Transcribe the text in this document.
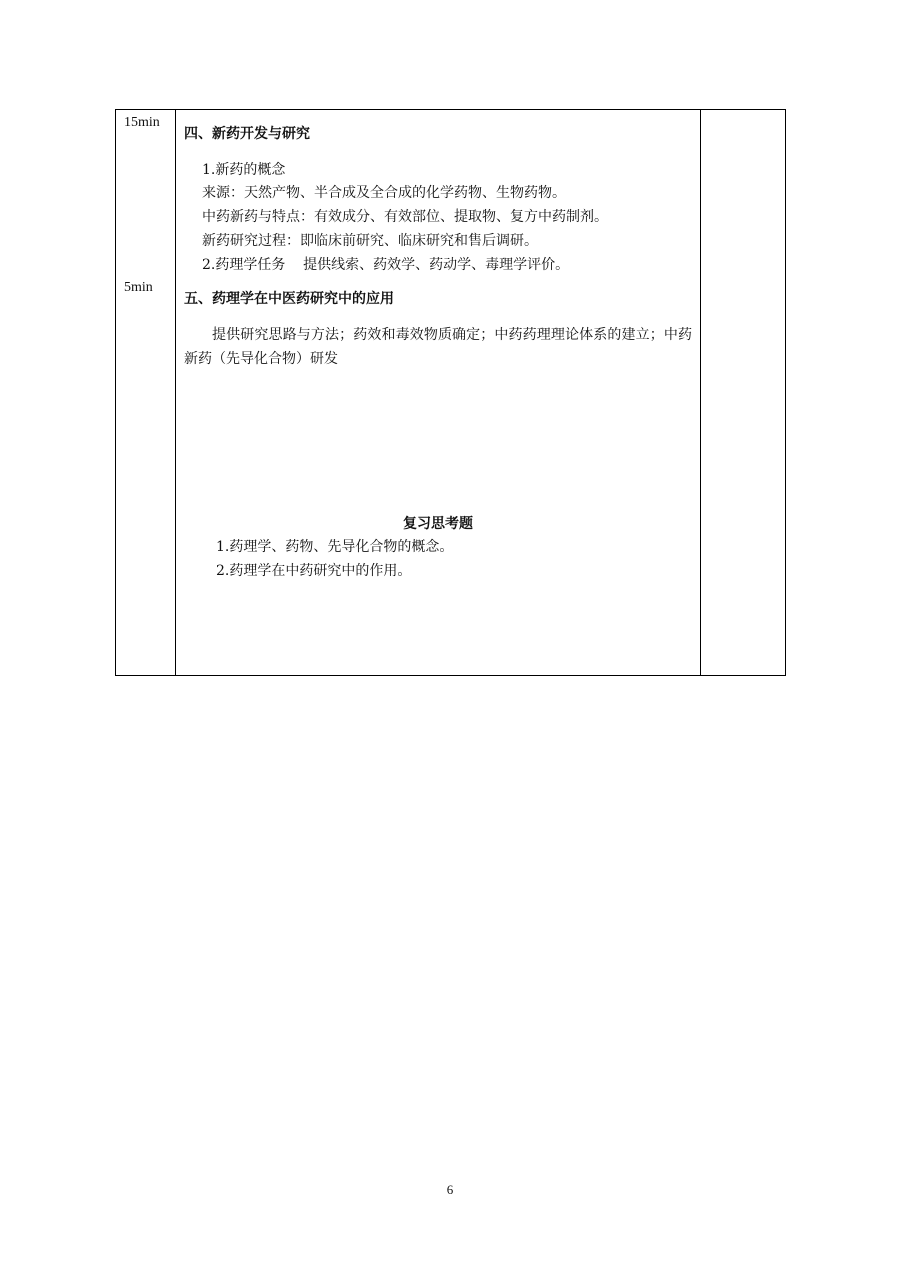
15min
5min
四、新药开发与研究
1.新药的概念
来源：天然产物、半合成及全合成的化学药物、生物药物。
中药新药与特点：有效成分、有效部位、提取物、复方中药制剂。
新药研究过程：即临床前研究、临床研究和售后调研。
2.药理学任务    提供线索、药效学、药动学、毒理学评价。
五、药理学在中医药研究中的应用
提供研究思路与方法；药效和毒效物质确定；中药药理理论体系的建立；中药新药（先导化合物）研发
复习思考题
1.药理学、药物、先导化合物的概念。
2.药理学在中药研究中的作用。
6
